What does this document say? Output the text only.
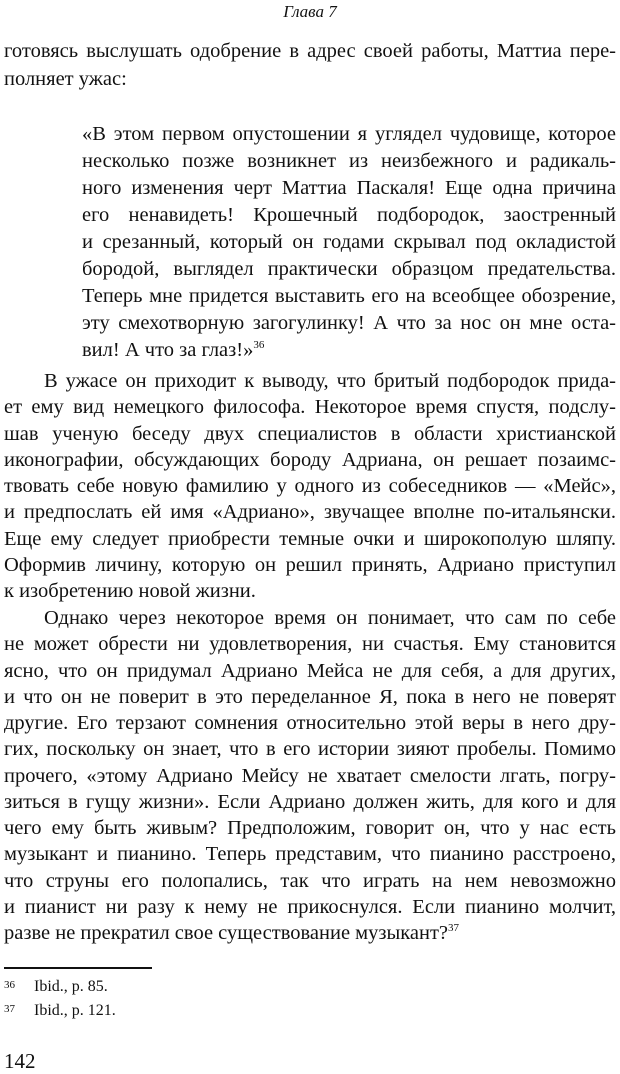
Глава 7
готовясь выслушать одобрение в адрес своей работы, Маттиа пере-
полняет ужас:
«В этом первом опустошении я углядел чудовище, которое
несколько позже возникнет из неизбежного и радикаль-
ного изменения черт Маттиа Паскаля! Еще одна причина
его ненавидеть! Крошечный подбородок, заостренный
и срезанный, который он годами скрывал под окладистой
бородой, выглядел практически образцом предательства.
Теперь мне придется выставить его на всеобщее обозрение,
эту смехотворную загогулинку! А что за нос он мне оста-
вил! А что за глаз!»$^{36}$
В ужасе он приходит к выводу, что бритый подбородок прида-
ет ему вид немецкого философа. Некоторое время спустя, подслу-
шав ученую беседу двух специалистов в области христианской
иконографии, обсуждающих бороду Адриана, он решает позаимс-
твовать себе новую фамилию у одного из собеседников — «Мейс»,
и предпослать ей имя «Адриано», звучащее вполне по-итальянски.
Еще ему следует приобрести темные очки и широкополую шляпу.
Оформив личину, которую он решил принять, Адриано приступил
к изобретению новой жизни.
Однако через некоторое время он понимает, что сам по себе
не может обрести ни удовлетворения, ни счастья. Ему становится
ясно, что он придумал Адриано Мейса не для себя, а для других,
и что он не поверит в это переделанное Я, пока в него не поверят
другие. Его терзают сомнения относительно этой веры в него дру-
гих, поскольку он знает, что в его истории зияют пробелы. Помимо
прочего, «этому Адриано Мейсу не хватает смелости лгать, погру-
зиться в гущу жизни». Если Адриано должен жить, для кого и для
чего ему быть живым? Предположим, говорит он, что у нас есть
музыкант и пианино. Теперь представим, что пианино расстроено,
что струны его полопались, так что играть на нем невозможно
и пианист ни разу к нему не прикоснулся. Если пианино молчит,
разве не прекратил свое существование музыкант?$^{37}$
36 Ibid., p. 85.
37 Ibid., p. 121.
142
